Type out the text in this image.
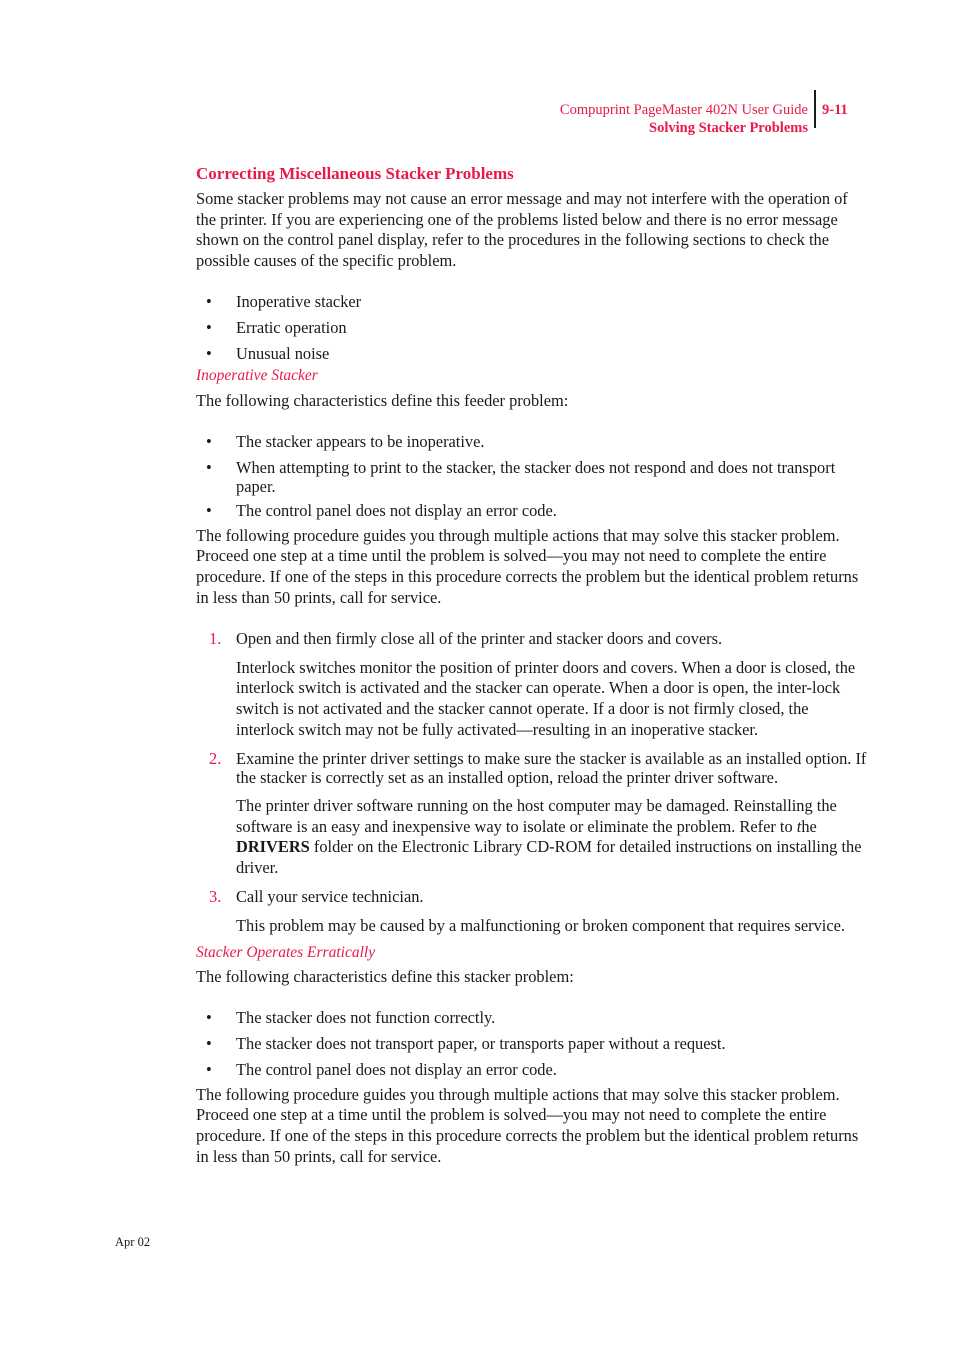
Compuprint PageMaster 402N User Guide
Solving Stacker Problems
9-11
Correcting Miscellaneous Stacker Problems

Some stacker problems may not cause an error message and may not interfere with the operation of the printer. If you are experiencing one of the problems listed below and there is no error message shown on the control panel display, refer to the procedures in the following sections to check the possible causes of the specific problem.

• Inoperative stacker
• Erratic operation
• Unusual noise
Inoperative Stacker

The following characteristics define this feeder problem:

• The stacker appears to be inoperative.
• When attempting to print to the stacker, the stacker does not respond and does not transport paper.
• The control panel does not display an error code.

The following procedure guides you through multiple actions that may solve this stacker problem. Proceed one step at a time until the problem is solved—you may not need to complete the entire procedure. If one of the steps in this procedure corrects the problem but the identical problem returns in less than 50 prints, call for service.

1. Open and then firmly close all of the printer and stacker doors and covers.
Interlock switches monitor the position of printer doors and covers. When a door is closed, the interlock switch is activated and the stacker can operate. When a door is open, the inter-lock switch is not activated and the stacker cannot operate. If a door is not firmly closed, the interlock switch may not be fully activated—resulting in an inoperative stacker.
2. Examine the printer driver settings to make sure the stacker is available as an installed option. If the stacker is correctly set as an installed option, reload the printer driver software.
The printer driver software running on the host computer may be damaged. Reinstalling the software is an easy and inexpensive way to isolate or eliminate the problem. Refer to the DRIVERS folder on the Electronic Library CD-ROM for detailed instructions on installing the driver.
3. Call your service technician.
This problem may be caused by a malfunctioning or broken component that requires service.
Stacker Operates Erratically

The following characteristics define this stacker problem:

• The stacker does not function correctly.
• The stacker does not transport paper, or transports paper without a request.
• The control panel does not display an error code.

The following procedure guides you through multiple actions that may solve this stacker problem. Proceed one step at a time until the problem is solved—you may not need to complete the entire procedure. If one of the steps in this procedure corrects the problem but the identical problem returns in less than 50 prints, call for service.

Apr 02
